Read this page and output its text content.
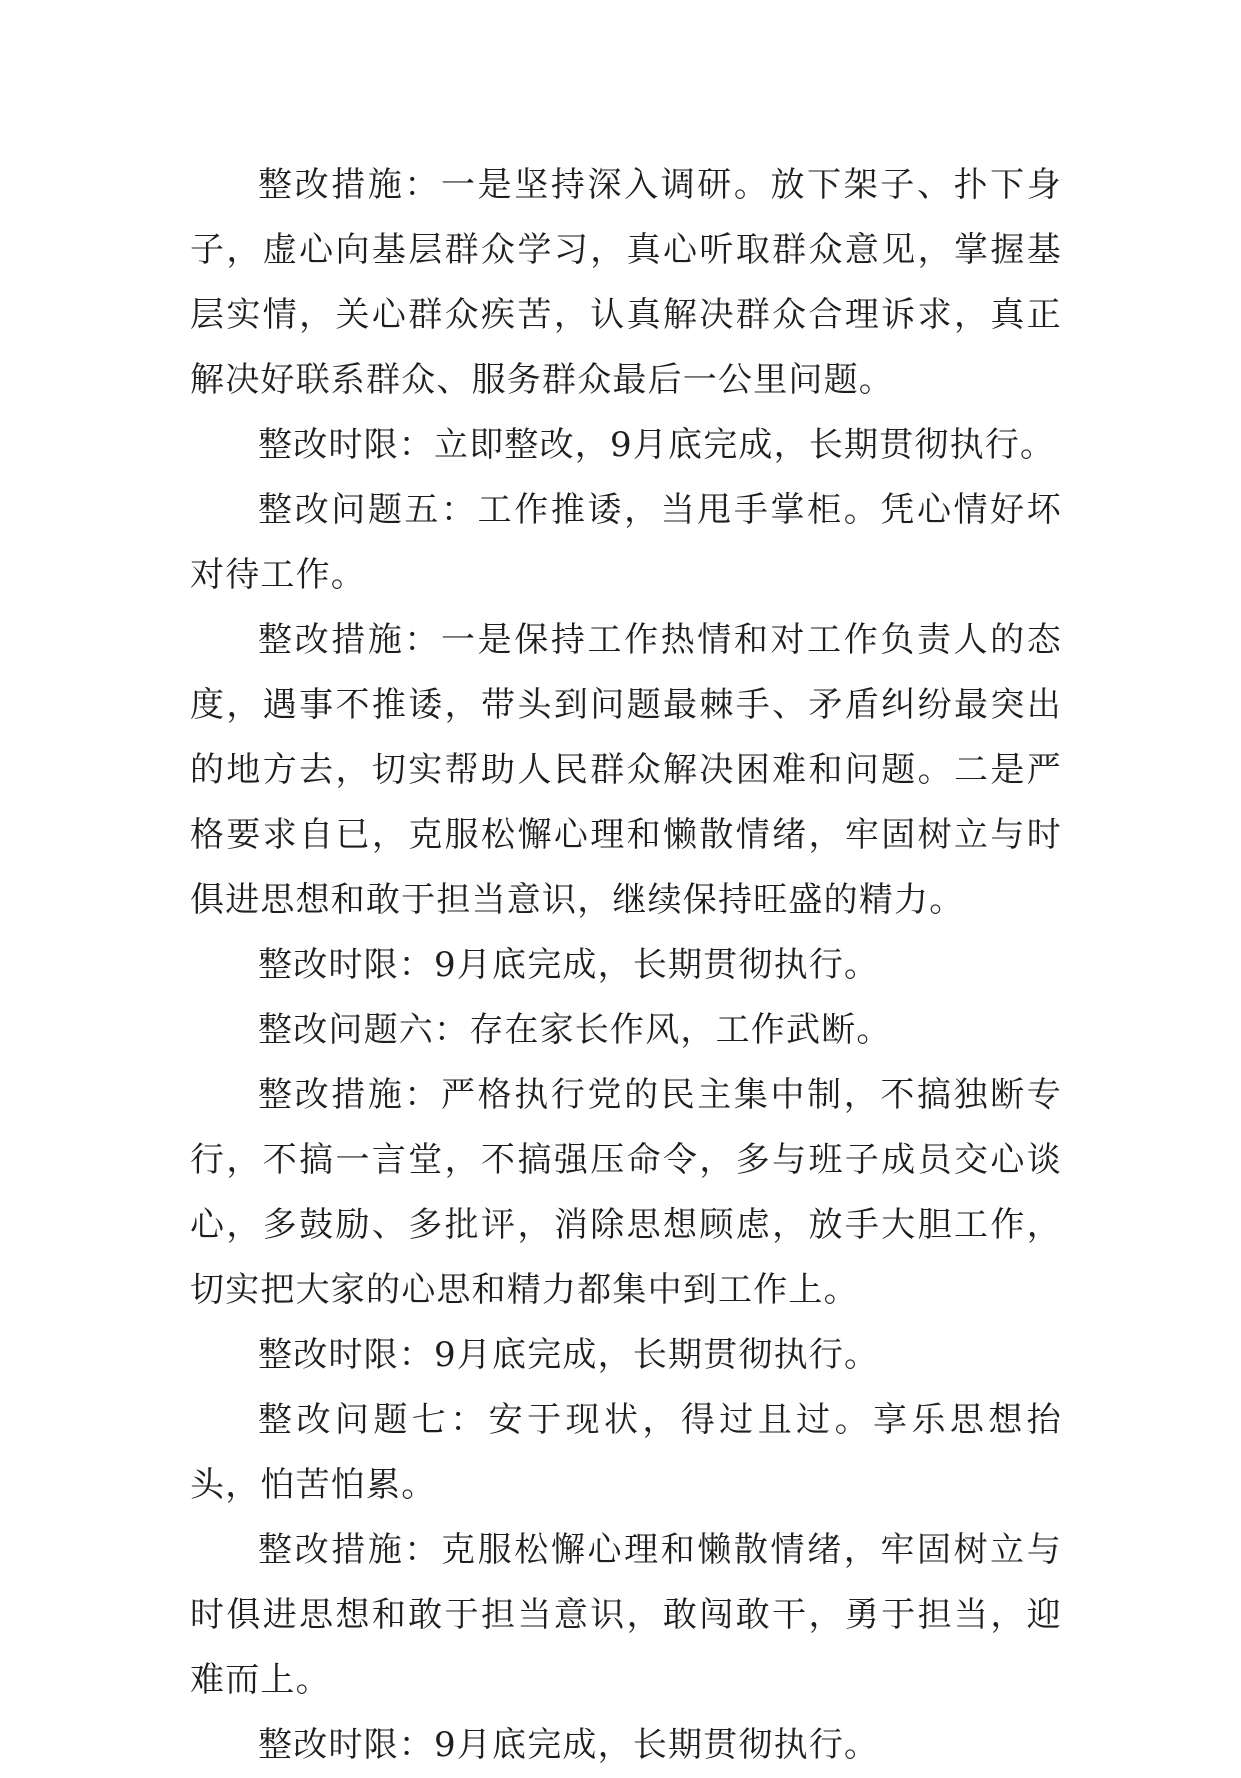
整改措施：一是坚持深入调研。放下架子、扑下身子，虚心向基层群众学习，真心听取群众意见，掌握基层实情，关心群众疾苦，认真解决群众合理诉求，真正解决好联系群众、服务群众最后一公里问题。

整改时限：立即整改，9月底完成，长期贯彻执行。

整改问题五：工作推诿，当甩手掌柜。凭心情好坏对待工作。

整改措施：一是保持工作热情和对工作负责人的态度，遇事不推诿，带头到问题最棘手、矛盾纠纷最突出的地方去，切实帮助人民群众解决困难和问题。二是严格要求自已，克服松懈心理和懒散情绪，牢固树立与时俱进思想和敢于担当意识，继续保持旺盛的精力。

整改时限：9月底完成，长期贯彻执行。

整改问题六：存在家长作风，工作武断。

整改措施：严格执行党的民主集中制，不搞独断专行，不搞一言堂，不搞强压命令，多与班子成员交心谈心，多鼓励、多批评，消除思想顾虑，放手大胆工作，切实把大家的心思和精力都集中到工作上。

整改时限：9月底完成，长期贯彻执行。

整改问题七：安于现状，得过且过。享乐思想抬头，怕苦怕累。

整改措施：克服松懈心理和懒散情绪，牢固树立与时俱进思想和敢于担当意识，敢闯敢干，勇于担当，迎难而上。

整改时限：9月底完成，长期贯彻执行。
